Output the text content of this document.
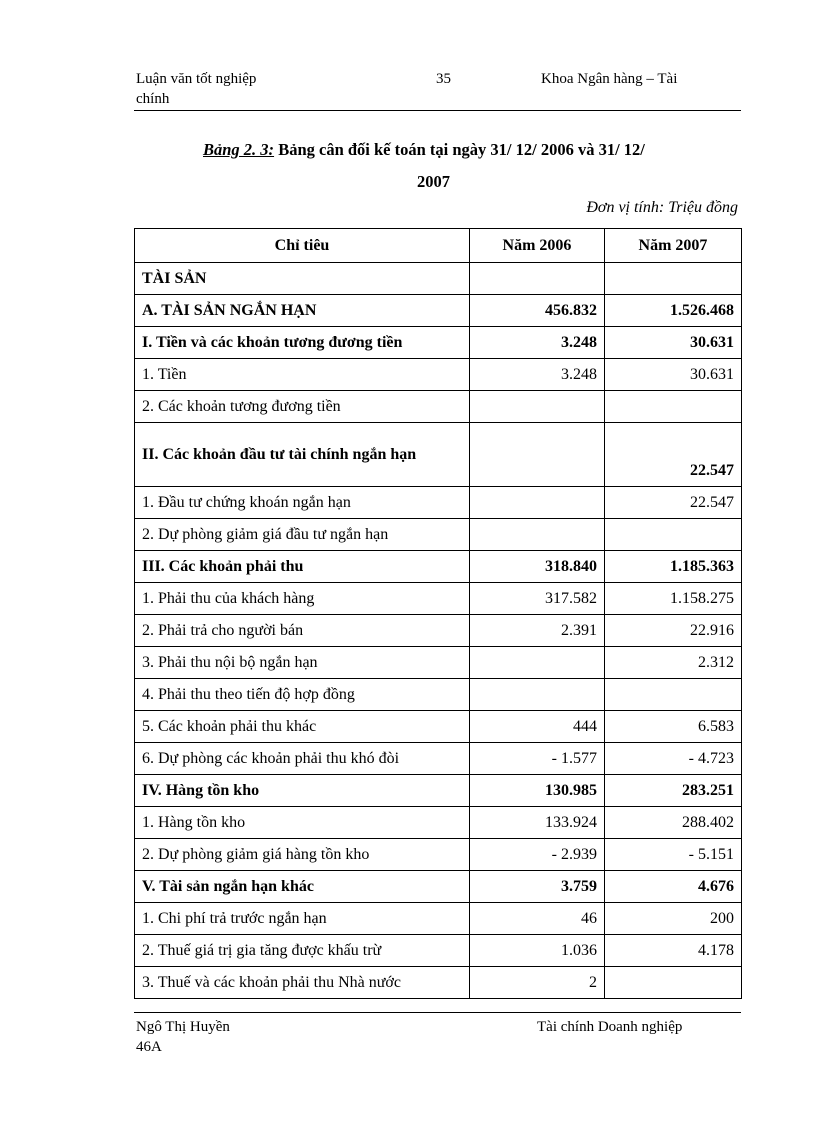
Luận văn tốt nghiệp
chính
35	Khoa Ngân hàng – Tài
Bảng 2. 3: Bảng cân đối kế toán tại ngày 31/ 12/ 2006 và 31/ 12/
2007
Đơn vị tính: Triệu đồng
Chỉ tiêu	Năm 2006	Năm 2007
TÀI SẢN		
A. TÀI SẢN NGẮN HẠN	456.832	1.526.468
I. Tiền và các khoản tương đương tiền	3.248	30.631
1. Tiền	3.248	30.631
2. Các khoản tương đương tiền		
II. Các khoản đầu tư tài chính ngắn hạn		22.547
1. Đầu tư chứng khoán ngắn hạn		22.547
2. Dự phòng giảm giá đầu tư ngắn hạn		
III. Các khoản phải thu	318.840	1.185.363
1. Phải thu của khách hàng	317.582	1.158.275
2. Phải trả cho người bán	2.391	22.916
3. Phải thu nội bộ ngắn hạn		2.312
4. Phải thu theo tiến độ hợp đồng		
5. Các khoản phải thu khác	444	6.583
6. Dự phòng các khoản phải thu khó đòi	- 1.577	- 4.723
IV. Hàng tồn kho	130.985	283.251
1. Hàng tồn kho	133.924	288.402
2. Dự phòng giảm giá hàng tồn kho	- 2.939	- 5.151
V. Tài sản ngắn hạn khác	3.759	4.676
1. Chi phí trả trước ngắn hạn	46	200
2. Thuế giá trị gia tăng được khấu trừ	1.036	4.178
3. Thuế và các khoản phải thu Nhà nước	2	
Ngô Thị Huyền
46A
Tài chính Doanh nghiệp
